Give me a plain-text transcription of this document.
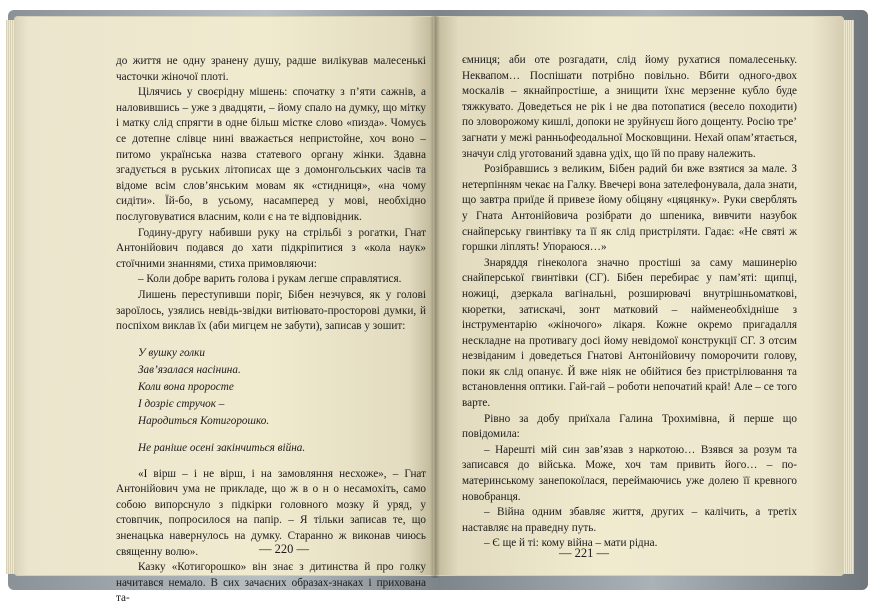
до життя не одну зранену душу, радше вилікував малесенькі часточки жіночої плоті.

Цілячись у своєрідну мішень: спочатку з п’яти сажнів, а наловившись – уже з двадцяти, – йому спало на думку, що мітку і матку слід спрягти в одне більш містке слово «пизда». Чомусь се дотепне слівце нині вважається непристойне, хоч воно – питомо українська назва статевого органу жінки. Здавна згадується в руських літописах ще з домонгольських часів та відоме всім слов’янським мовам як «стидниця», «на чому сидіти». Їй-бо, в усьому, насамперед у мові, необхідно послуговуватися власним, коли є на те відповідник.

Годину-другу набивши руку на стрільбі з рогатки, Гнат Антонійович подався до хати підкріпитися з «кола наук» стоїчними знаннями, стиха примовляючи:

– Коли добре варить голова і рукам легше справлятися.

Лишень переступивши поріг, Бібен незчувся, як у голові зароїлось, узялись невідь-звідки витіювато-просторові думки, й поспіхом виклав їх (аби мигцем не забути), записав у зошит:

У вушку голки
Зав’язалася насінина.
Коли вона проросте
І дозріє стручок –
Народиться Котигорошко.
Не раніше осені закінчиться війна.

«І вірш – і не вірш, і на замовляння несхоже», – Гнат Антонійович ума не прикладе, що ж в о н о несамохіть, само собою випорснуло з підкірки головного мозку й уряд, у стовпчик, попросилося на папір. – Я тільки записав те, що зненацька навернулось на думку. Старанно ж виконав чиюсь священну волю».

Казку «Котигорошко» він знає з дитинства й про голку начитався немало. В сих зачаєних образах-знаках і прихована та-

— 220 —

ємниця; аби оте розгадати, слід йому рухатися помалесеньку. Неквапом… Поспішати потрібно повільно. Вбити одного-двох москалів – якнайпростіше, а знищити їхнє мерзенне кубло буде тяжкувато. Доведеться не рік і не два потопатися (весело походити) по зловорожому кишлі, допоки не зруйнуєш його дощенту. Росію тре’ загнати у межі ранньофеодальної Московщини. Нехай опам’ятається, значуи слід уготований здавна удіх, що їй по праву належить.

Розібравшись з великим, Бібен радий би вже взятися за мале. З нетерпінням чекає на Галку. Ввечері вона зателефонувала, дала знати, що завтра приїде й привезе йому обіцяну «цяцянку». Руки сверблять у Гната Антонійовича розібрати до шпеника, вивчити назубок снайперську гвинтівку та її як слід пристріляти. Гадає: «Не святі ж горшки ліплять! Упораюся…»

Знаряддя гінеколога значно простіші за саму машинерію снайперської гвинтівки (СГ). Бібен перебирає у пам’яті: щипці, ножиці, дзеркала вагінальні, розширювачі внутрішньоматкові, кюретки, затискачі, зонт матковий – найменеобхідніше з інструментарію «жіночого» лікаря. Кожне окремо пригадалля нескладне на противагу досі йому невідомої конструкції СГ. З отсим незвіданим і доведеться Гнатові Антонійовичу поморочити голову, поки як слід опанує. Й вже ніяк не обійтися без пристрілювання та встановлення оптики. Гай-гай – роботи непочатий край! Але – се того варте.

Рівно за добу приїхала Галина Трохимівна, й перше що повідомила:

– Нарешті мій син зав’язав з наркотою… Взявся за розум та записався до війська. Може, хоч там привить його… – по-материнському занепокоїлася, переймаючись уже долею її кревного новобранця.

– Війна одним збавляє життя, других – калічить, а третіх наставляє на праведну путь.

– Є ще й ті: кому війна – мати рідна.

— 221 —
